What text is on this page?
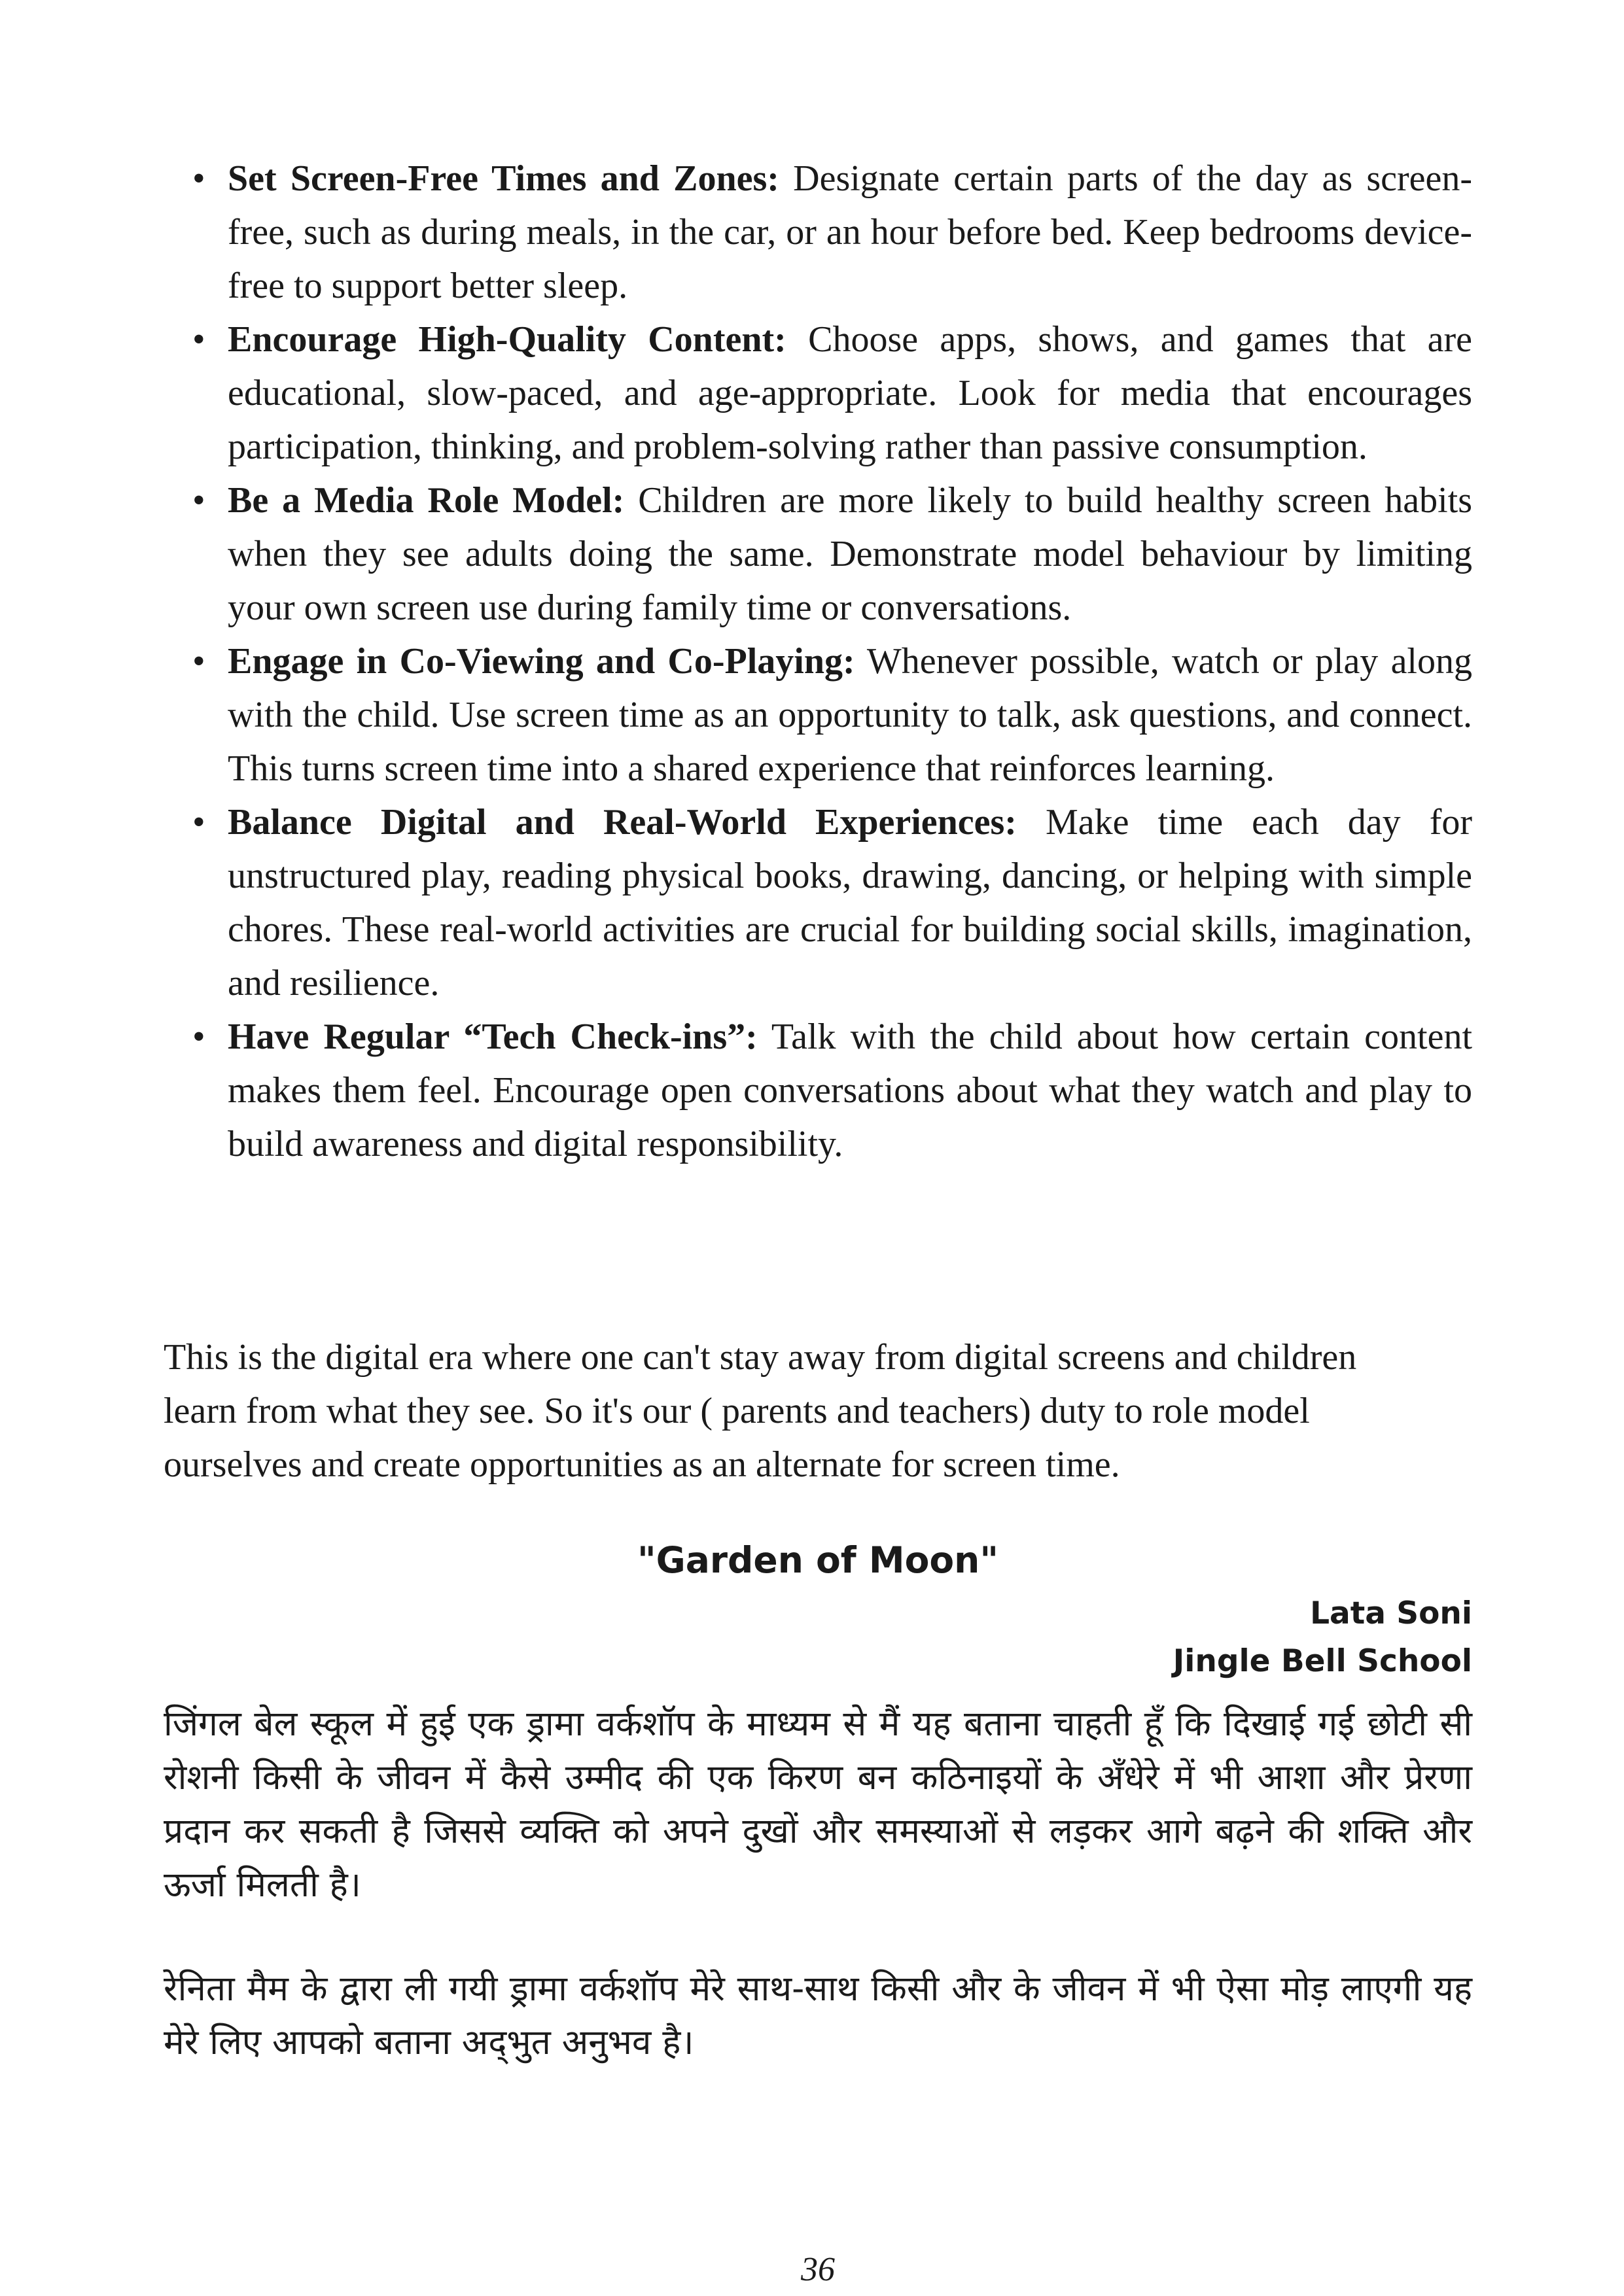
• Set Screen-Free Times and Zones: Designate certain parts of the day as screen-free, such as during meals, in the car, or an hour before bed. Keep bedrooms device-free to support better sleep.
• Encourage High-Quality Content: Choose apps, shows, and games that are educational, slow-paced, and age-appropriate. Look for media that encourages participation, thinking, and problem-solving rather than passive consumption.
• Be a Media Role Model: Children are more likely to build healthy screen habits when they see adults doing the same. Demonstrate model behaviour by limiting your own screen use during family time or conversations.
• Engage in Co-Viewing and Co-Playing: Whenever possible, watch or play along with the child. Use screen time as an opportunity to talk, ask questions, and connect. This turns screen time into a shared experience that reinforces learning.
• Balance Digital and Real-World Experiences: Make time each day for unstructured play, reading physical books, drawing, dancing, or helping with simple chores. These real-world activities are crucial for building social skills, imagination, and resilience.
• Have Regular “Tech Check-ins”: Talk with the child about how certain content makes them feel. Encourage open conversations about what they watch and play to build awareness and digital responsibility.
This is the digital era where one can't stay away from digital screens and children
learn from what they see. So it's our ( parents and teachers) duty to role model
ourselves and create opportunities as an alternate for screen time.
"Garden of Moon"
Lata Soni
Jingle Bell School
जिंगल बेल स्कूल में हुई एक ड्रामा वर्कशॉप के माध्यम से मैं यह बताना चाहती हूँ कि दिखाई गई छोटी सी रोशनी किसी के जीवन में कैसे उम्मीद की एक किरण बन कठिनाइयों के अँधेरे में भी आशा और प्रेरणा प्रदान कर सकती है जिससे व्यक्ति को अपने दुखों और समस्याओं से लड़कर आगे बढ़ने की शक्ति और ऊर्जा मिलती है।
रेनिता मैम के द्वारा ली गयी ड्रामा वर्कशॉप मेरे साथ-साथ किसी और के जीवन में भी ऐसा मोड़ लाएगी यह मेरे लिए आपको बताना अद्‌भुत अनुभव है।
36
